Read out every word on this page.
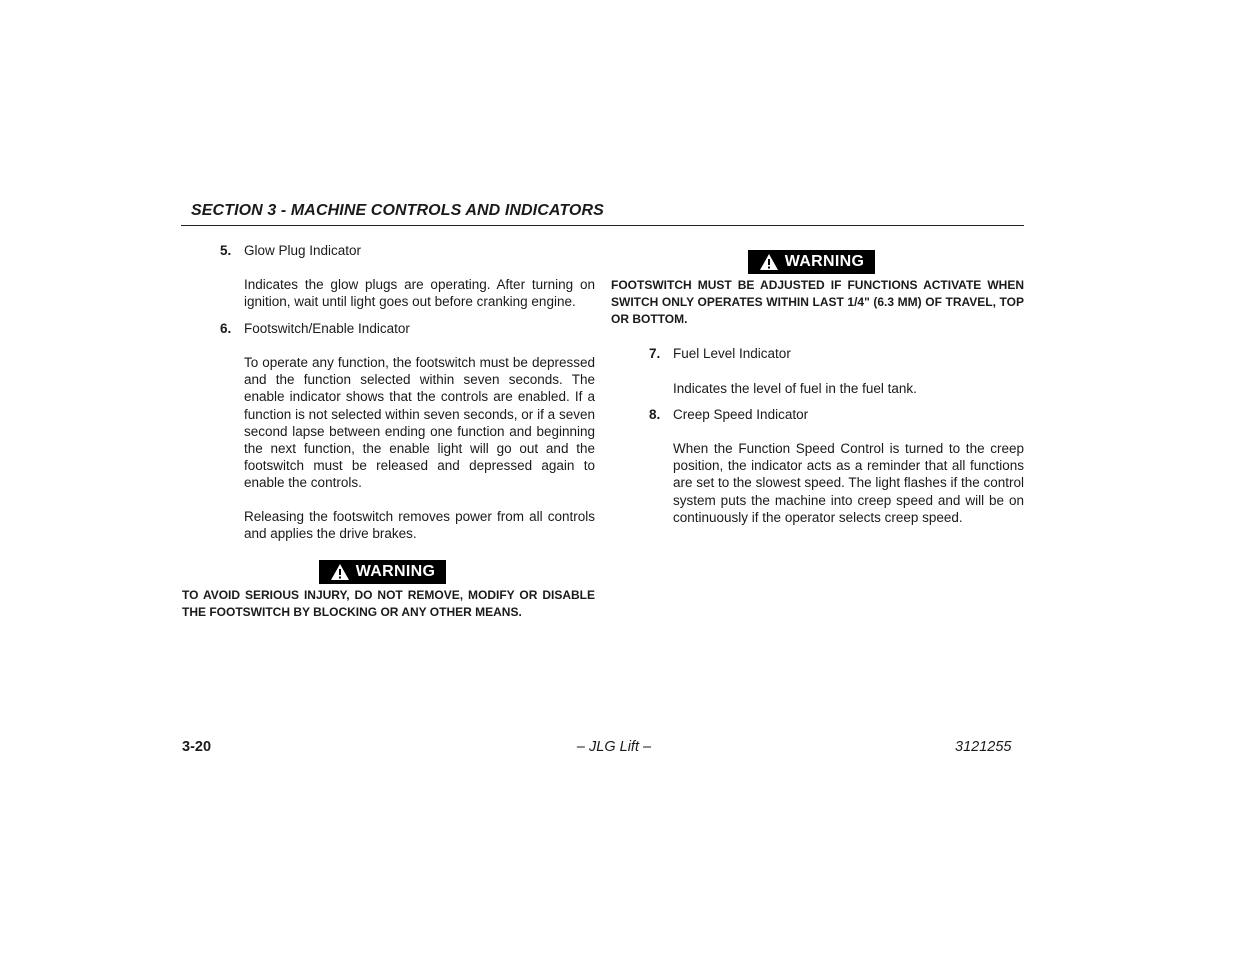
SECTION 3 - MACHINE CONTROLS AND INDICATORS
5. Glow Plug Indicator
Indicates the glow plugs are operating. After turning on ignition, wait until light goes out before cranking engine.
6. Footswitch/Enable Indicator
To operate any function, the footswitch must be depressed and the function selected within seven seconds. The enable indicator shows that the controls are enabled. If a function is not selected within seven seconds, or if a seven second lapse between ending one function and beginning the next function, the enable light will go out and the footswitch must be released and depressed again to enable the controls.
Releasing the footswitch removes power from all controls and applies the drive brakes.
WARNING
TO AVOID SERIOUS INJURY, DO NOT REMOVE, MODIFY OR DISABLE THE FOOTSWITCH BY BLOCKING OR ANY OTHER MEANS.
WARNING
FOOTSWITCH MUST BE ADJUSTED IF FUNCTIONS ACTIVATE WHEN SWITCH ONLY OPERATES WITHIN LAST 1/4" (6.3 MM) OF TRAVEL, TOP OR BOTTOM.
7. Fuel Level Indicator
Indicates the level of fuel in the fuel tank.
8. Creep Speed Indicator
When the Function Speed Control is turned to the creep position, the indicator acts as a reminder that all functions are set to the slowest speed. The light flashes if the control system puts the machine into creep speed and will be on continuously if the operator selects creep speed.
3-20	– JLG Lift –	3121255
